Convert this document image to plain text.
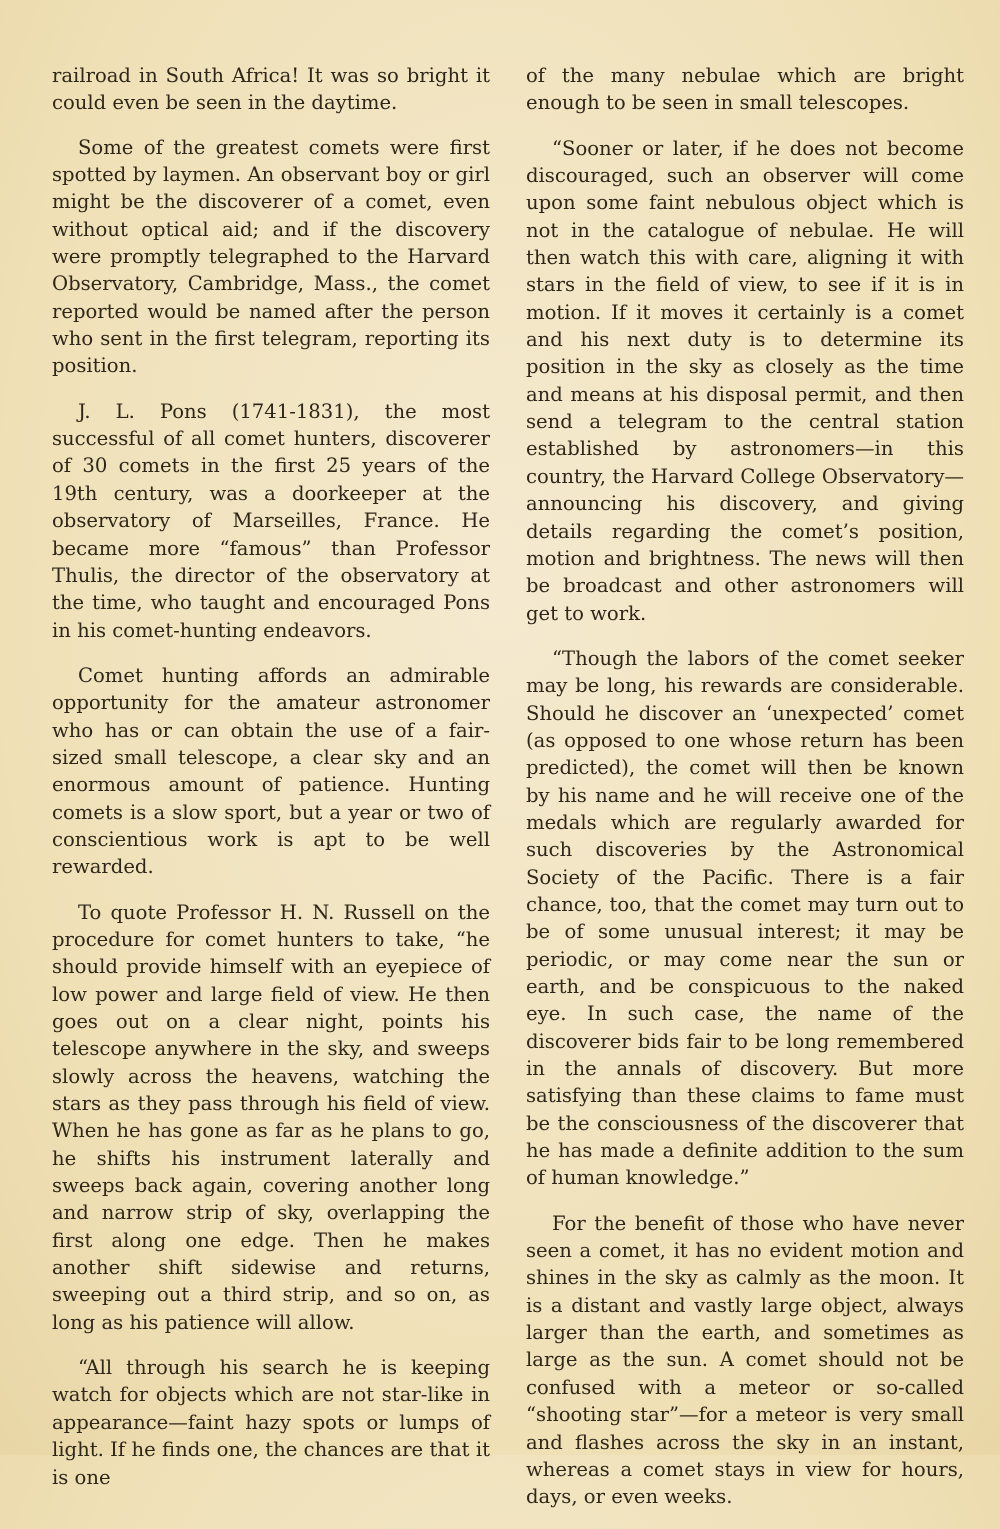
railroad in South Africa! It was so bright it could even be seen in the daytime.

Some of the greatest comets were first spotted by laymen. An observant boy or girl might be the discoverer of a comet, even without optical aid; and if the discovery were promptly telegraphed to the Harvard Observatory, Cambridge, Mass., the comet reported would be named after the person who sent in the first telegram, reporting its position.

J. L. Pons (1741-1831), the most successful of all comet hunters, discoverer of 30 comets in the first 25 years of the 19th century, was a doorkeeper at the observatory of Marseilles, France. He became more “famous” than Professor Thulis, the director of the observatory at the time, who taught and encouraged Pons in his comet-hunting endeavors.

Comet hunting affords an admirable opportunity for the amateur astronomer who has or can obtain the use of a fair-sized small telescope, a clear sky and an enormous amount of patience. Hunting comets is a slow sport, but a year or two of conscientious work is apt to be well rewarded.

To quote Professor H. N. Russell on the procedure for comet hunters to take, “he should provide himself with an eyepiece of low power and large field of view. He then goes out on a clear night, points his telescope anywhere in the sky, and sweeps slowly across the heavens, watching the stars as they pass through his field of view. When he has gone as far as he plans to go, he shifts his instrument laterally and sweeps back again, covering another long and narrow strip of sky, overlapping the first along one edge. Then he makes another shift sidewise and returns, sweeping out a third strip, and so on, as long as his patience will allow.

“All through his search he is keeping watch for objects which are not star-like in appearance—faint hazy spots or lumps of light. If he finds one, the chances are that it is one

of the many nebulae which are bright enough to be seen in small telescopes.

“Sooner or later, if he does not become discouraged, such an observer will come upon some faint nebulous object which is not in the catalogue of nebulae. He will then watch this with care, aligning it with stars in the field of view, to see if it is in motion. If it moves it certainly is a comet and his next duty is to determine its position in the sky as closely as the time and means at his disposal permit, and then send a telegram to the central station established by astronomers—in this country, the Harvard College Observatory—announcing his discovery, and giving details regarding the comet’s position, motion and brightness. The news will then be broadcast and other astronomers will get to work.

“Though the labors of the comet seeker may be long, his rewards are considerable. Should he discover an ‘unexpected’ comet (as opposed to one whose return has been predicted), the comet will then be known by his name and he will receive one of the medals which are regularly awarded for such discoveries by the Astronomical Society of the Pacific. There is a fair chance, too, that the comet may turn out to be of some unusual interest; it may be periodic, or may come near the sun or earth, and be conspicuous to the naked eye. In such case, the name of the discoverer bids fair to be long remembered in the annals of discovery. But more satisfying than these claims to fame must be the consciousness of the discoverer that he has made a definite addition to the sum of human knowledge.”

For the benefit of those who have never seen a comet, it has no evident motion and shines in the sky as calmly as the moon. It is a distant and vastly large object, always larger than the earth, and sometimes as large as the sun. A comet should not be confused with a meteor or so-called “shooting star”—for a meteor is very small and flashes across the sky in an instant, whereas a comet stays in view for hours, days, or even weeks.
